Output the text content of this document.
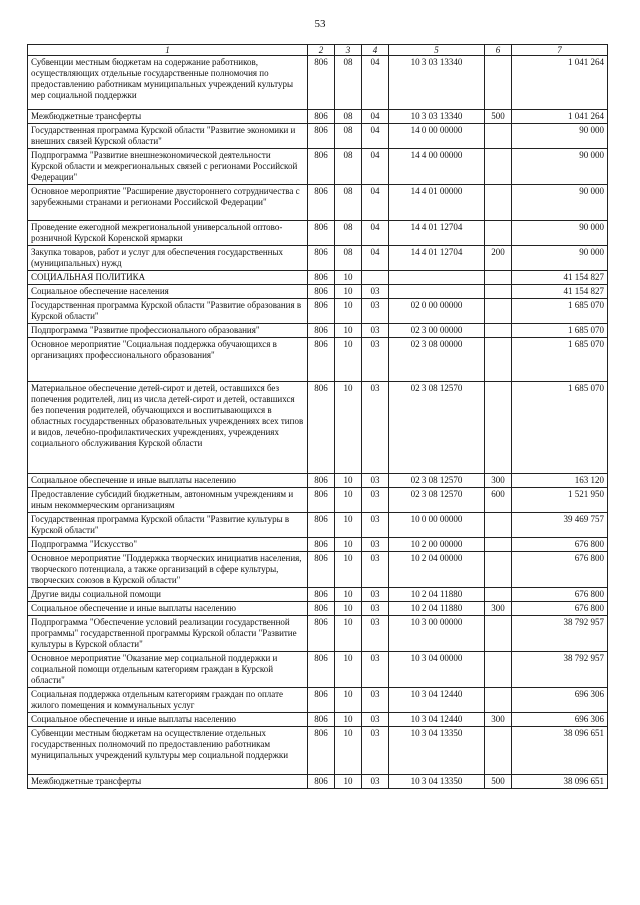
53
1	2	3	4	5	6	7
Субвенции местным бюджетам на содержание работников, осуществляющих отдельные государственные полномочия по предоставлению работникам муниципальных учреждений культуры мер социальной поддержки	806	08	04	10 3 03 13340		1 041 264
Межбюджетные трансферты	806	08	04	10 3 03 13340	500	1 041 264
Государственная программа Курской области "Развитие экономики и внешних связей Курской области"	806	08	04	14 0 00 00000		90 000
Подпрограмма "Развитие внешнеэкономической деятельности Курской области и межрегиональных связей с регионами Российской Федерации"	806	08	04	14 4 00 00000		90 000
Основное мероприятие "Расширение двустороннего сотрудничества с зарубежными странами и регионами Российской Федерации"	806	08	04	14 4 01 00000		90 000
Проведение ежегодной межрегиональной универсальной оптово-розничной Курской Коренской ярмарки	806	08	04	14 4 01 12704		90 000
Закупка товаров, работ и услуг для обеспечения государственных (муниципальных) нужд	806	08	04	14 4 01 12704	200	90 000
СОЦИАЛЬНАЯ ПОЛИТИКА	806	10				41 154 827
Социальное обеспечение населения	806	10	03			41 154 827
Государственная программа Курской области "Развитие образования в Курской области"	806	10	03	02 0 00 00000		1 685 070
Подпрограмма "Развитие профессионального образования"	806	10	03	02 3 00 00000		1 685 070
Основное мероприятие "Социальная поддержка обучающихся в организациях профессионального образования"	806	10	03	02 3 08 00000		1 685 070
Материальное обеспечение детей-сирот и детей, оставшихся без попечения родителей, лиц из числа детей-сирот и детей, оставшихся без попечения родителей, обучающихся и воспитывающихся в областных государственных образовательных учреждениях всех типов и видов, лечебно-профилактических учреждениях, учреждениях социального обслуживания Курской области	806	10	03	02 3 08 12570		1 685 070
Социальное обеспечение и иные выплаты населению	806	10	03	02 3 08 12570	300	163 120
Предоставление субсидий бюджетным, автономным учреждениям и иным некоммерческим организациям	806	10	03	02 3 08 12570	600	1 521 950
Государственная программа Курской области "Развитие культуры в Курской области"	806	10	03	10 0 00 00000		39 469 757
Подпрограмма "Искусство"	806	10	03	10 2 00 00000		676 800
Основное мероприятие "Поддержка творческих инициатив населения, творческого потенциала, а также организаций в сфере культуры, творческих союзов в Курской области"	806	10	03	10 2 04 00000		676 800
Другие виды социальной помощи	806	10	03	10 2 04 11880		676 800
Социальное обеспечение и иные выплаты населению	806	10	03	10 2 04 11880	300	676 800
Подпрограмма "Обеспечение условий реализации государственной программы" государственной программы Курской области "Развитие культуры в Курской области"	806	10	03	10 3 00 00000		38 792 957
Основное мероприятие "Оказание мер социальной поддержки и социальной помощи отдельным категориям граждан в Курской области"	806	10	03	10 3 04 00000		38 792 957
Социальная поддержка отдельным категориям граждан по оплате жилого помещения и коммунальных услуг	806	10	03	10 3 04 12440		696 306
Социальное обеспечение и иные выплаты населению	806	10	03	10 3 04 12440	300	696 306
Субвенции местным бюджетам на осуществление отдельных государственных полномочий по предоставлению работникам муниципальных учреждений культуры мер социальной поддержки	806	10	03	10 3 04 13350		38 096 651
Межбюджетные трансферты	806	10	03	10 3 04 13350	500	38 096 651
